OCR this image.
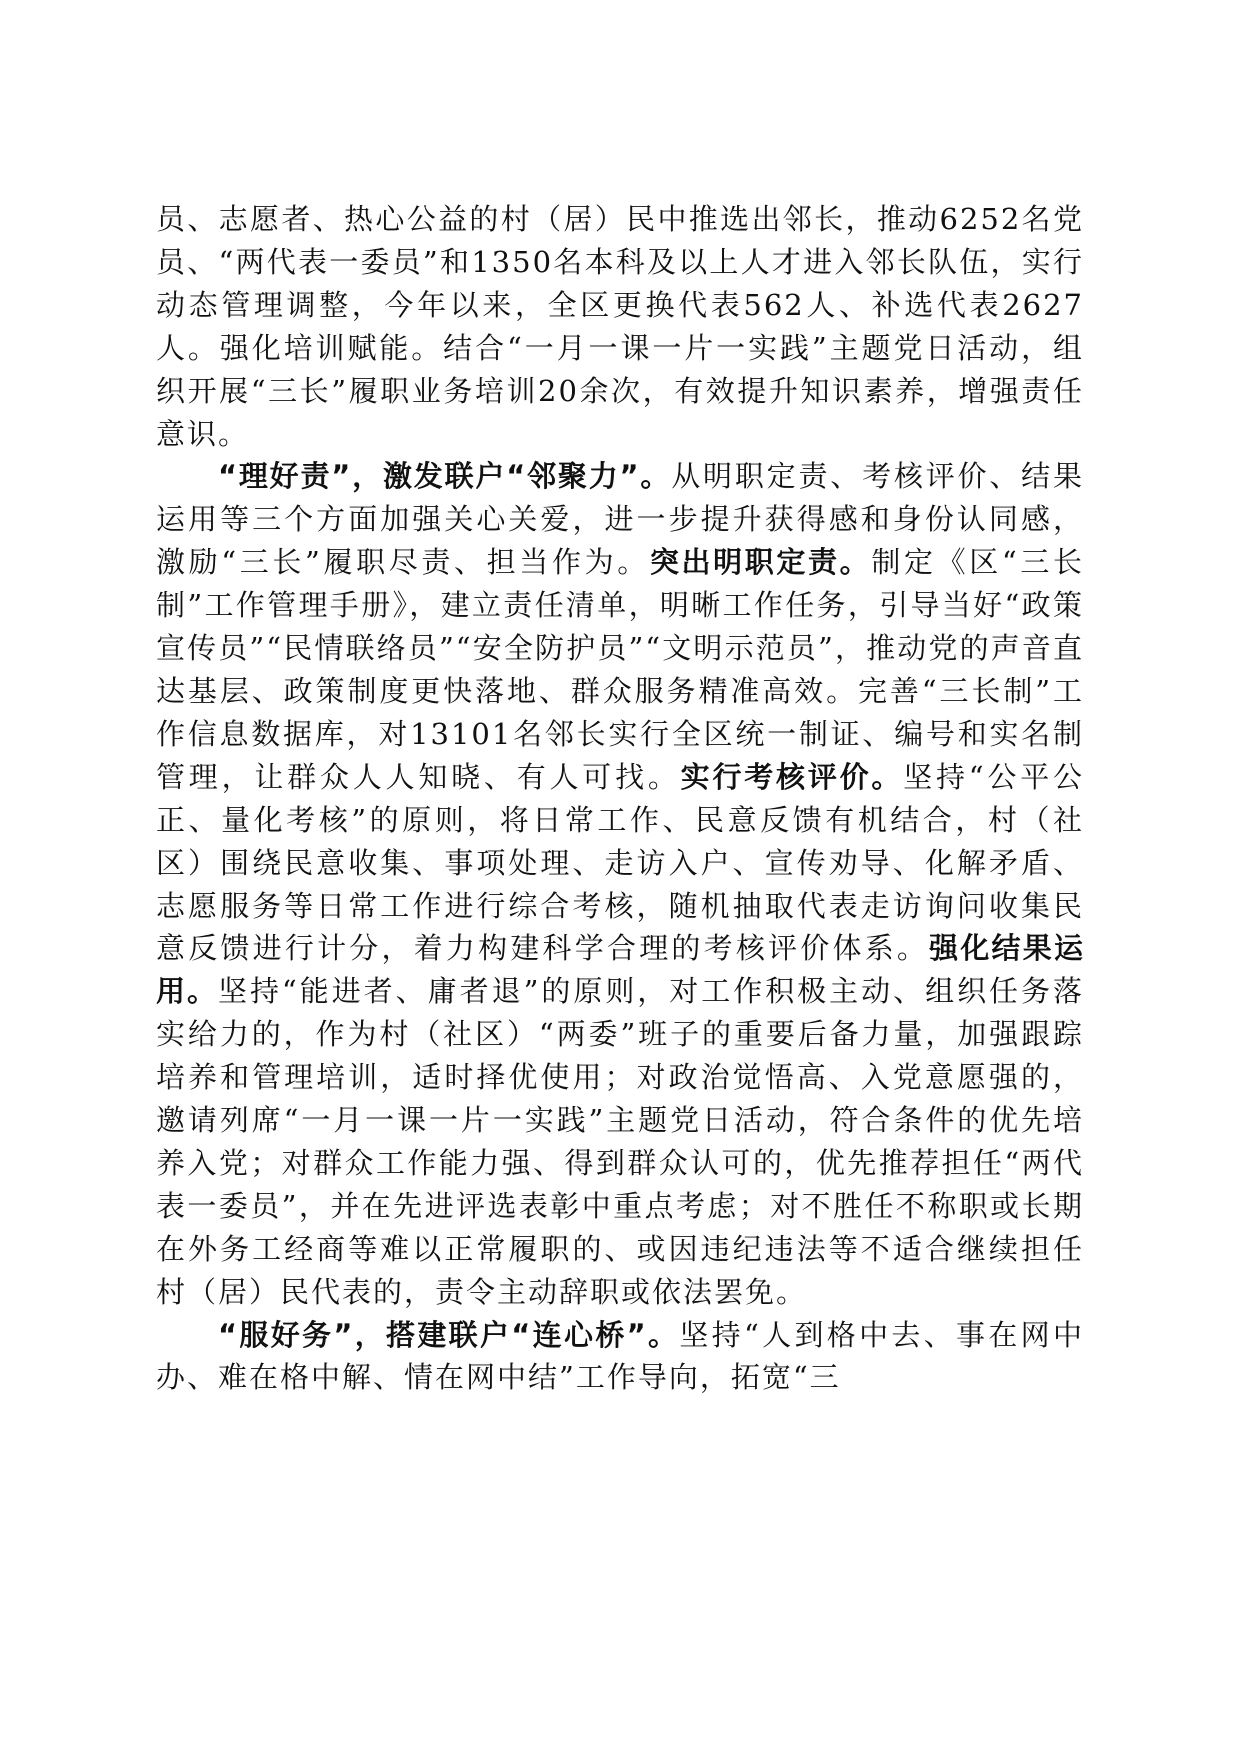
员、志愿者、热心公益的村（居）民中推选出邻长，推动6252名党员、“两代表一委员”和1350名本科及以上人才进入邻长队伍，实行动态管理调整，今年以来，全区更换代表562人、补选代表2627人。强化培训赋能。结合“一月一课一片一实践”主题党日活动，组织开展“三长”履职业务培训20余次，有效提升知识素养，增强责任意识。

“理好责”，激发联户“邻聚力”。从明职定责、考核评价、结果运用等三个方面加强关心关爱，进一步提升获得感和身份认同感，激励“三长”履职尽责、担当作为。突出明职定责。制定《区“三长制”工作管理手册》，建立责任清单，明晰工作任务，引导当好“政策宣传员”“民情联络员”“安全防护员”“文明示范员”，推动党的声音直达基层、政策制度更快落地、群众服务精准高效。完善“三长制”工作信息数据库，对13101名邻长实行全区统一制证、编号和实名制管理，让群众人人知晓、有人可找。实行考核评价。坚持“公平公正、量化考核”的原则，将日常工作、民意反馈有机结合，村（社区）围绕民意收集、事项处理、走访入户、宣传劝导、化解矛盾、志愿服务等日常工作进行综合考核，随机抽取代表走访询问收集民意反馈进行计分，着力构建科学合理的考核评价体系。强化结果运用。坚持“能进者、庸者退”的原则，对工作积极主动、组织任务落实给力的，作为村（社区）“两委”班子的重要后备力量，加强跟踪培养和管理培训，适时择优使用；对政治觉悟高、入党意愿强的，邀请列席“一月一课一片一实践”主题党日活动，符合条件的优先培养入党；对群众工作能力强、得到群众认可的，优先推荐担任“两代表一委员”，并在先进评选表彰中重点考虑；对不胜任不称职或长期在外务工经商等难以正常履职的、或因违纪违法等不适合继续担任村（居）民代表的，责令主动辞职或依法罢免。

“服好务”，搭建联户“连心桥”。坚持“人到格中去、事在网中办、难在格中解、情在网中结”工作导向，拓宽“三
